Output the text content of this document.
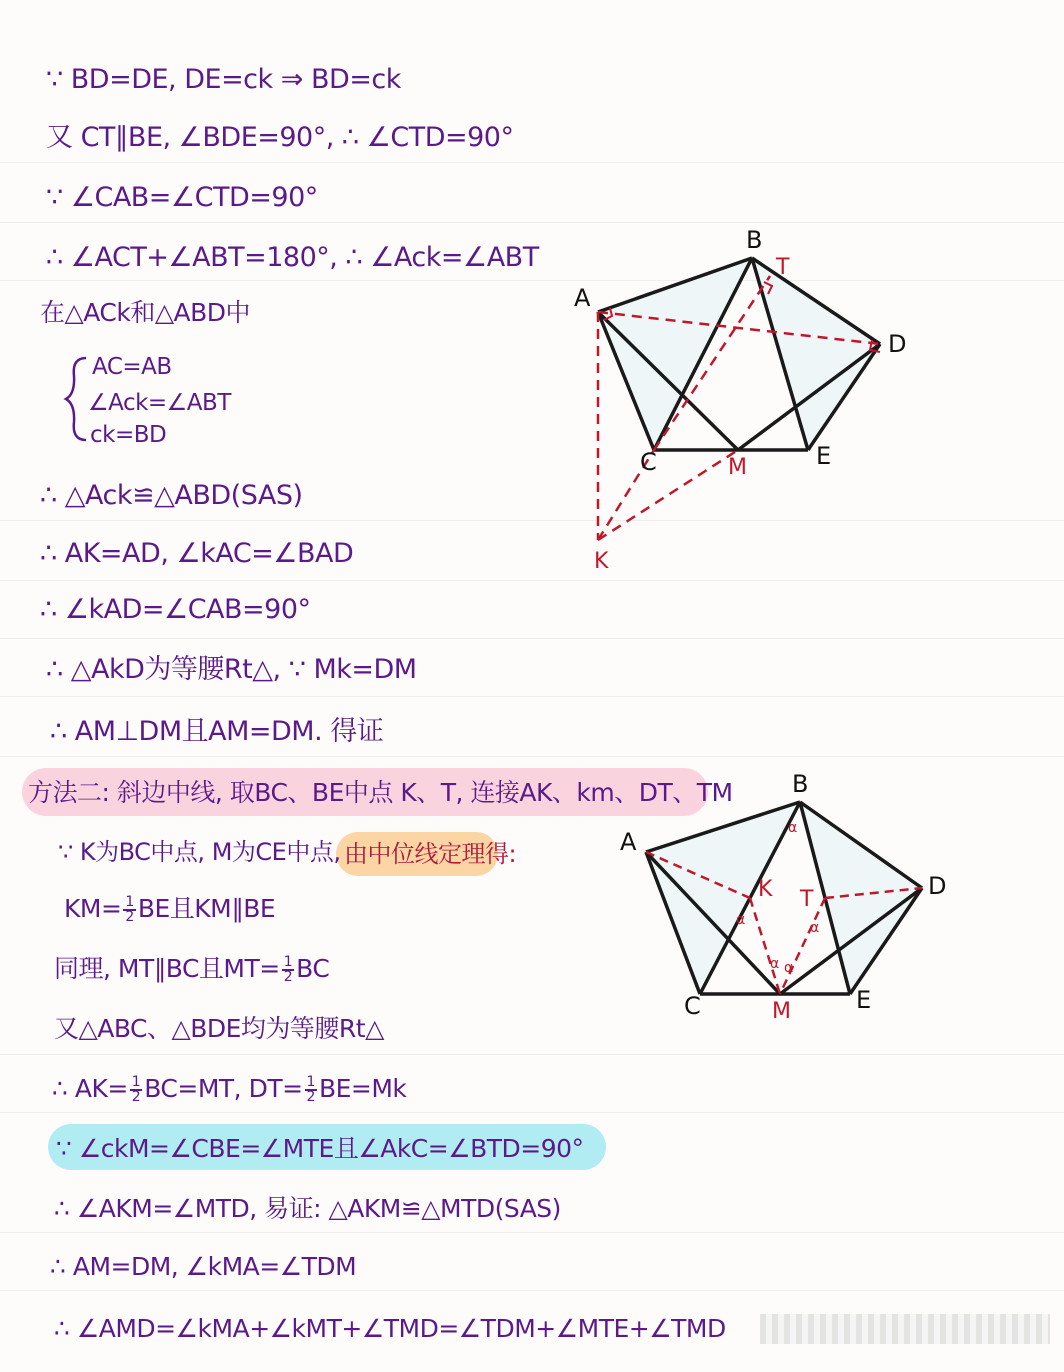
∵ BD=DE, DE=ck ⇒ BD=ck
又 CT∥BE, ∠BDE=90°, ∴ ∠CTD=90°
∵ ∠CAB=∠CTD=90°
∴ ∠ACT+∠ABT=180°, ∴ ∠Ack=∠ABT
在△ACk和△ABD中
AC=AB
∠Ack=∠ABT
ck=BD
∴ △Ack≌△ABD(SAS)
∴ AK=AD, ∠kAC=∠BAD
∴ ∠kAD=∠CAB=90°
∴ △AkD为等腰Rt△, ∵ Mk=DM
∴ AM⊥DM且AM=DM. 得证
方法二: 斜边中线, 取BC、BE中点 K、T, 连接AK、km、DT、TM
∵ K为BC中点, M为CE中点, 由中位线定理得:
$KM= \frac{1}{2}$ BE且KM∥BE
同理, MT∥BC且$MT= \frac{1}{2}$ BC
又△ABC、△BDE均为等腰Rt△
∴ $AK= \frac{1}{2} BC=MT$, $DT= \frac{1}{2} BE=Mk$
∵ ∠ckM=∠CBE=∠MTE且∠AkC=∠BTD=90°
∴ ∠AKM=∠MTD, 易证: △AKM≌△MTD(SAS)
∴ AM=DM, ∠kMA=∠TDM
∴ ∠AMD=∠kMA+∠kMT+∠TMD=∠TDM+∠MTE+∠TMD
A
B
T
D
C	M	E
K
A
B
K T	D
C	M	E
α
α	α
α α
